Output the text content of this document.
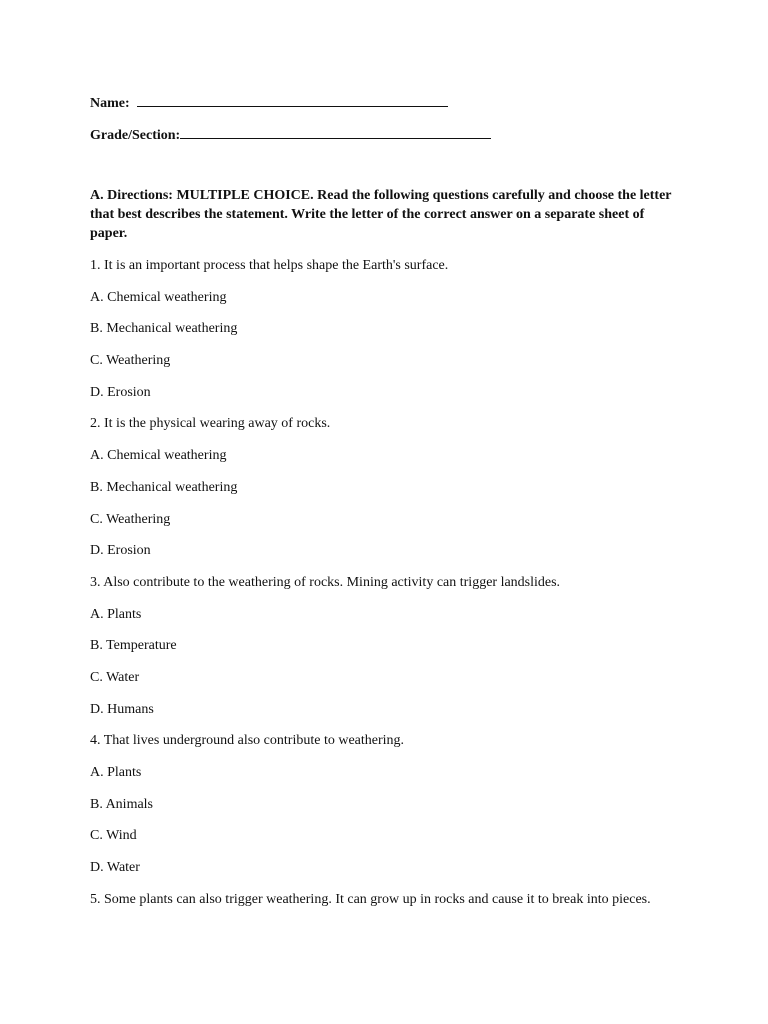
Name:
Grade/Section:
A. Directions: MULTIPLE CHOICE. Read the following questions carefully and choose the letter that best describes the statement. Write the letter of the correct answer on a separate sheet of paper.
1. It is an important process that helps shape the Earth's surface.
A. Chemical weathering
B. Mechanical weathering
C. Weathering
D. Erosion
2. It is the physical wearing away of rocks.
A. Chemical weathering
B. Mechanical weathering
C. Weathering
D. Erosion
3. Also contribute to the weathering of rocks. Mining activity can trigger landslides.
A. Plants
B. Temperature
C. Water
D. Humans
4. That lives underground also contribute to weathering.
A. Plants
B. Animals
C. Wind
D. Water
5. Some plants can also trigger weathering. It can grow up in rocks and cause it to break into pieces.
